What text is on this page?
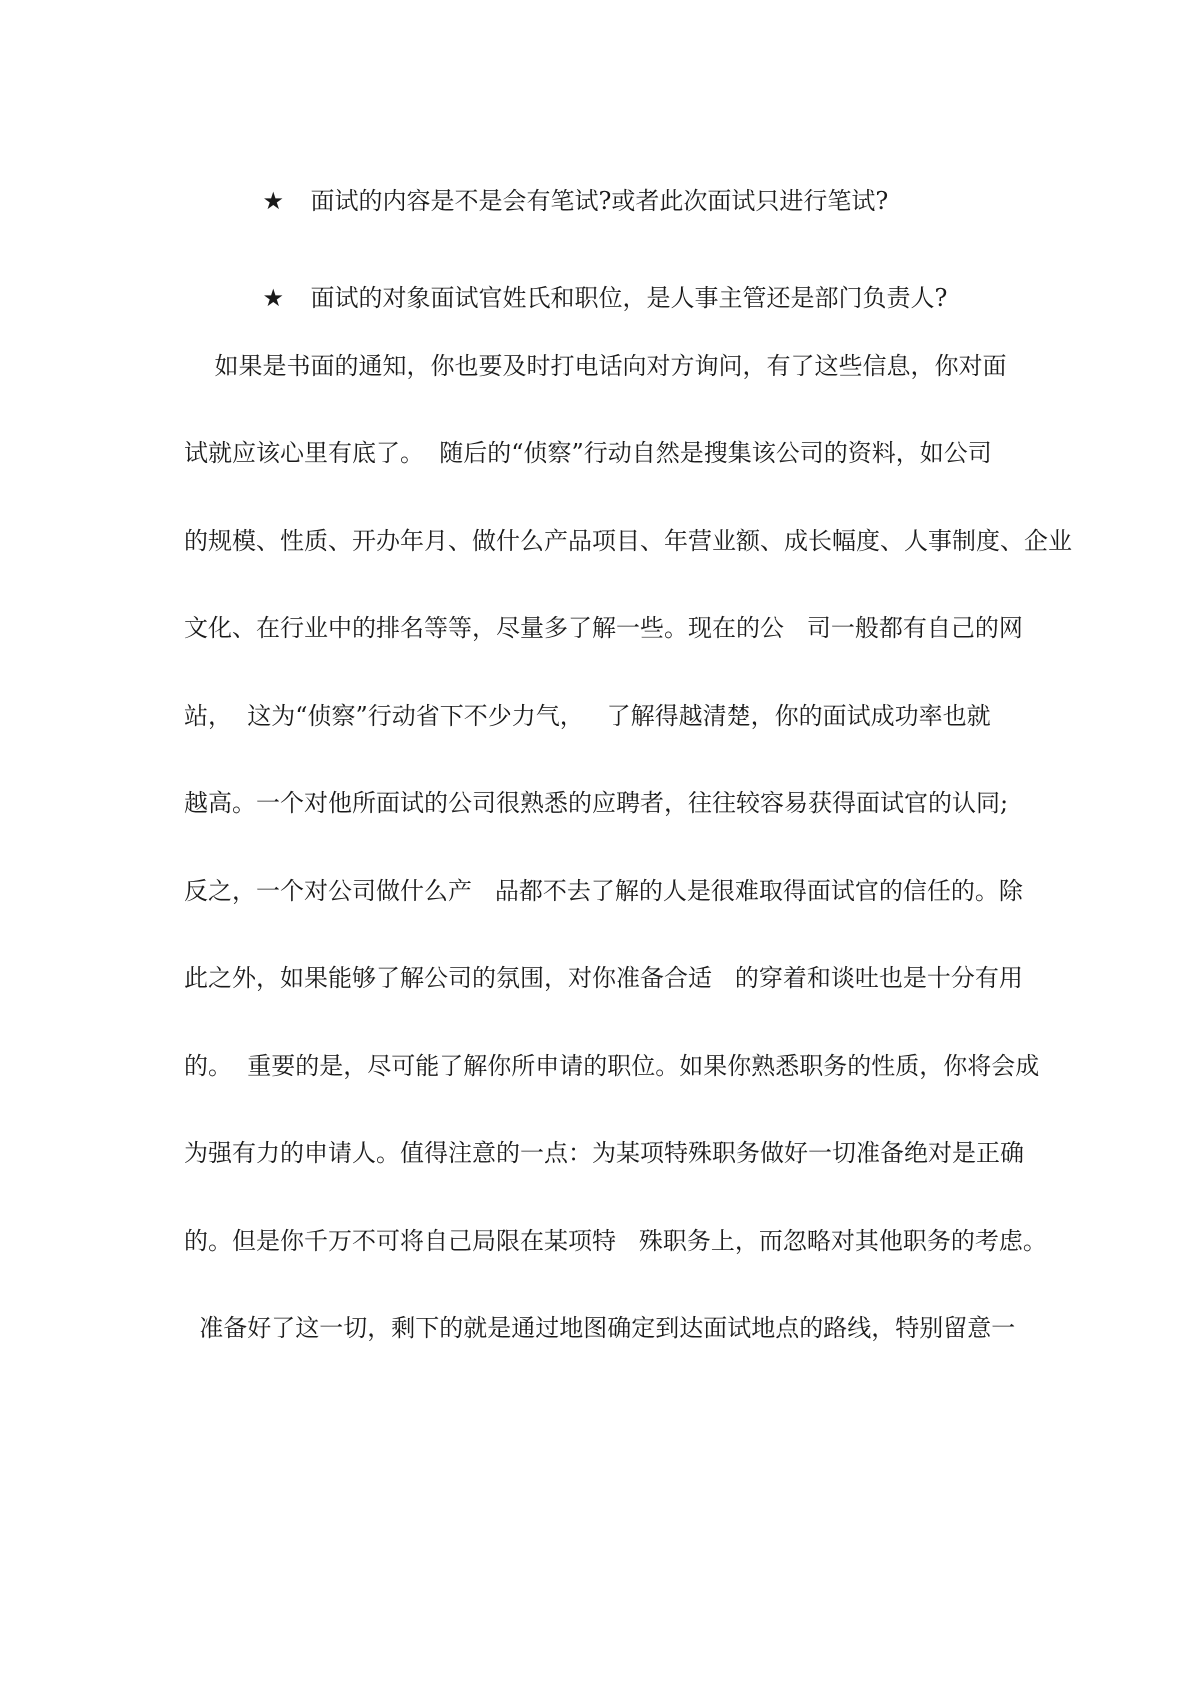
★ 面试的内容是不是会有笔试?或者此次面试只进行笔试?

★ 面试的对象面试官姓氏和职位，是人事主管还是部门负责人?

如果是书面的通知，你也要及时打电话向对方询问，有了这些信息，你对面
试就应该心里有底了。  随后的“侦察”行动自然是搜集该公司的资料，如公司
的规模、性质、开办年月、做什么产品项目、年营业额、成长幅度、人事制度、企业
文化、在行业中的排名等等，尽量多了解一些。现在的公   司一般都有自己的网
站，  这为“侦察”行动省下不少力气，   了解得越清楚，你的面试成功率也就
越高。一个对他所面试的公司很熟悉的应聘者，往往较容易获得面试官的认同;
反之，一个对公司做什么产   品都不去了解的人是很难取得面试官的信任的。除
此之外，如果能够了解公司的氛围，对你准备合适   的穿着和谈吐也是十分有用
的。  重要的是，尽可能了解你所申请的职位。如果你熟悉职务的性质，你将会成
为强有力的申请人。值得注意的一点：为某项特殊职务做好一切准备绝对是正确
的。但是你千万不可将自己局限在某项特   殊职务上，而忽略对其他职务的考虑。
准备好了这一切，剩下的就是通过地图确定到达面试地点的路线，特别留意一
